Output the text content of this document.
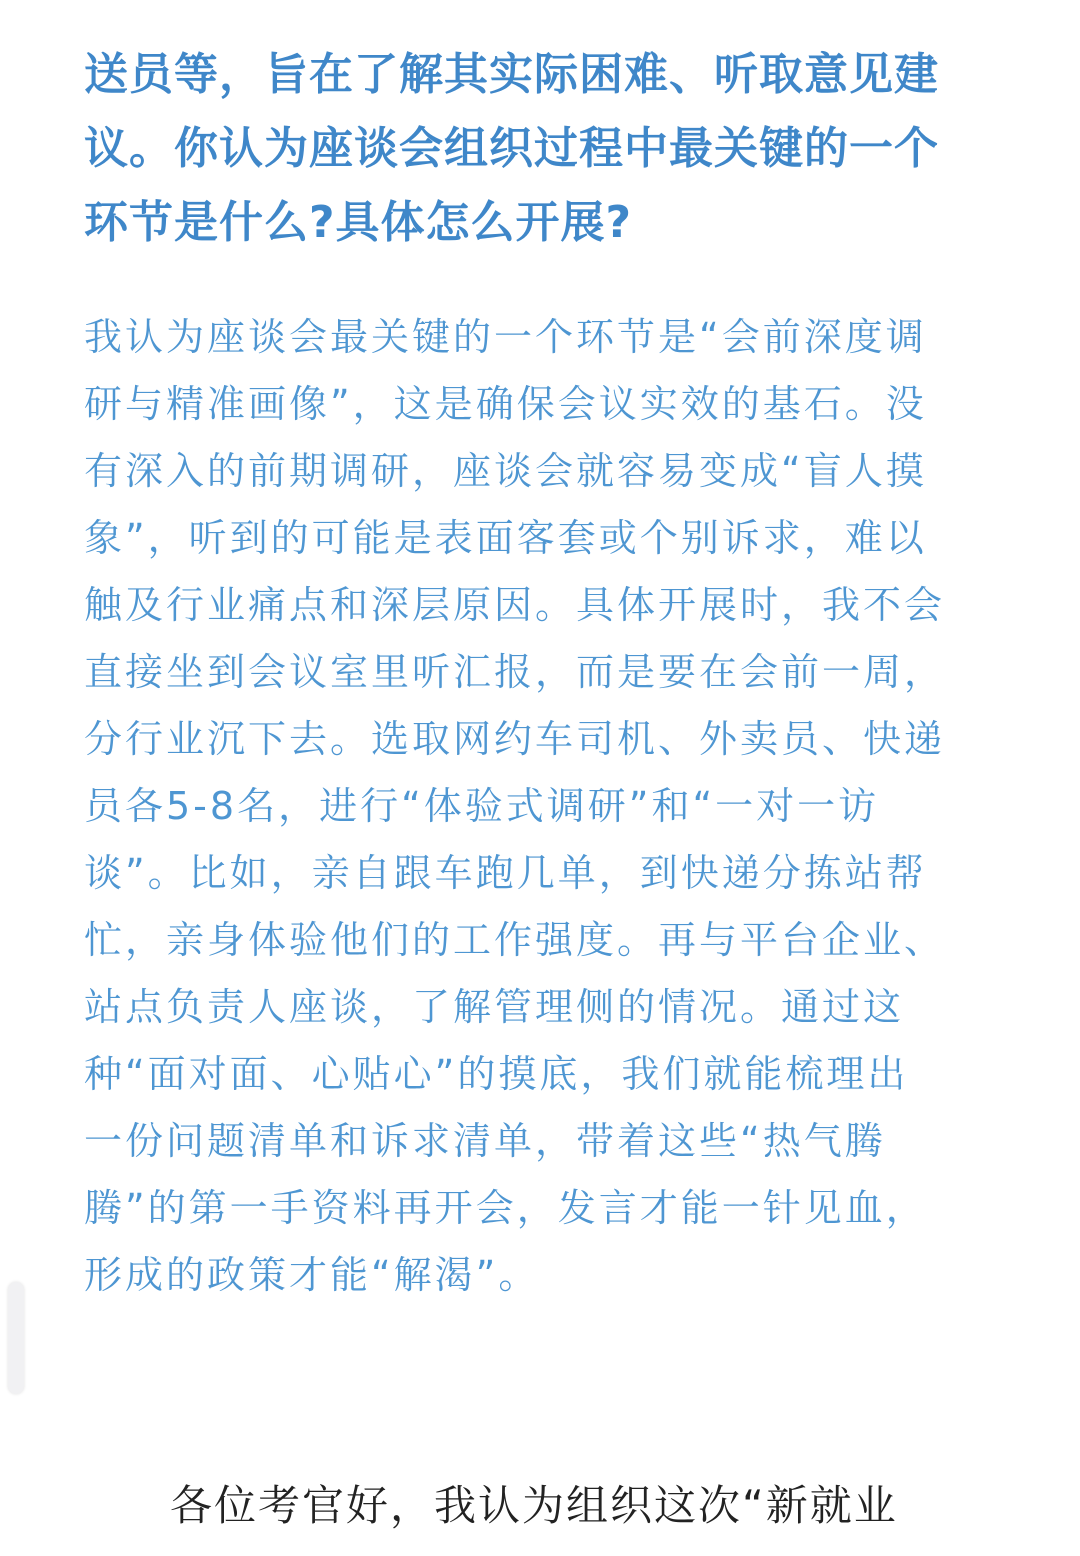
送员等，旨在了解其实际困难、听取意见建
议。你认为座谈会组织过程中最关键的一个
环节是什么?具体怎么开展?

我认为座谈会最关键的一个环节是“会前深度调
研与精准画像”，这是确保会议实效的基石。没
有深入的前期调研，座谈会就容易变成“盲人摸
象”，听到的可能是表面客套或个别诉求，难以
触及行业痛点和深层原因。具体开展时，我不会
直接坐到会议室里听汇报，而是要在会前一周，
分行业沉下去。选取网约车司机、外卖员、快递
员各5-8名，进行“体验式调研”和“一对一访
谈”。比如，亲自跟车跑几单，到快递分拣站帮
忙，亲身体验他们的工作强度。再与平台企业、
站点负责人座谈，了解管理侧的情况。通过这
种“面对面、心贴心”的摸底，我们就能梳理出
一份问题清单和诉求清单，带着这些“热气腾
腾”的第一手资料再开会，发言才能一针见血，
形成的政策才能“解渴”。

各位考官好，我认为组织这次“新就业
